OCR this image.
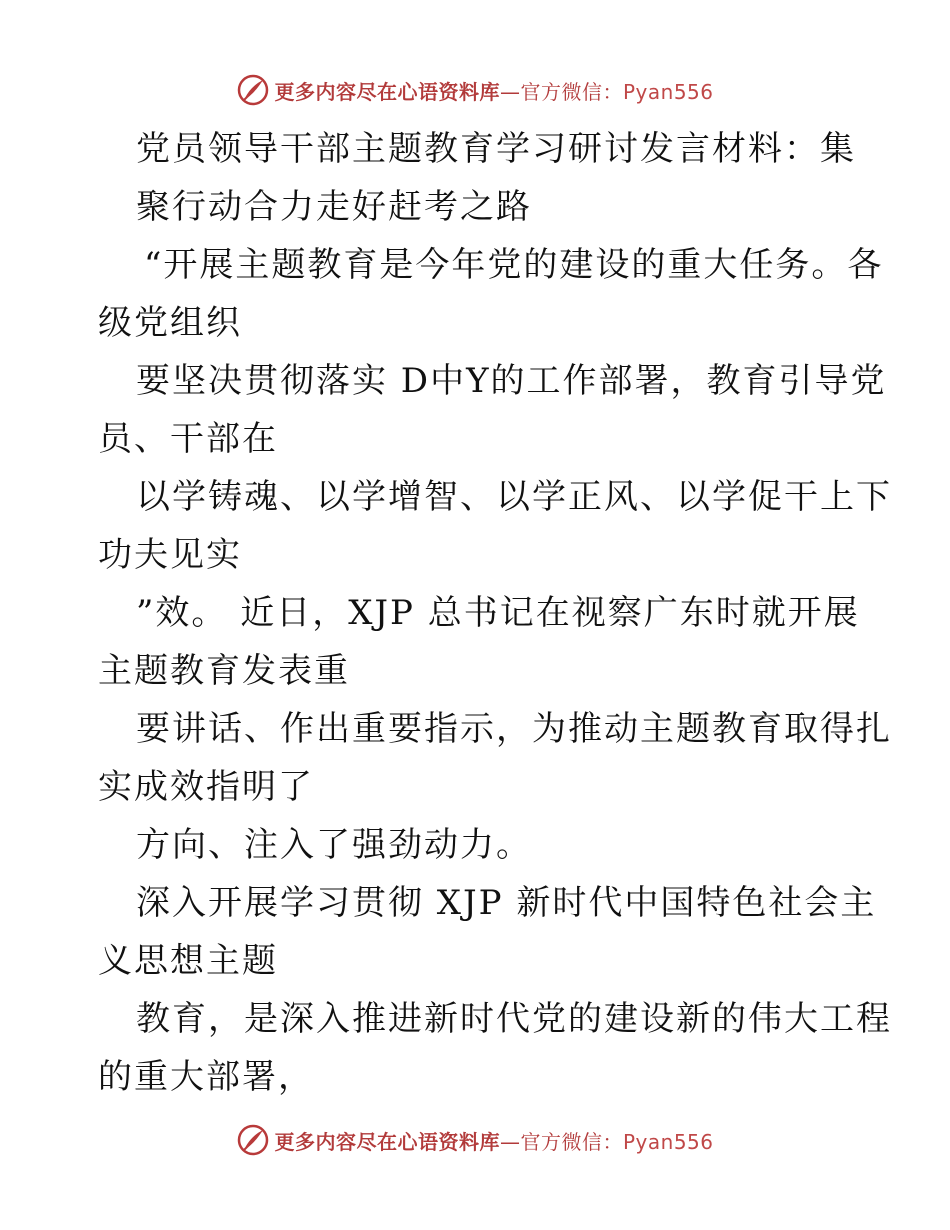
更多内容尽在心语资料库—官方微信：Pyan556
党员领导干部主题教育学习研讨发言材料：集
聚行动合力走好赶考之路
“开展主题教育是今年党的建设的重大任务。各
级党组织
要坚决贯彻落实 D中Y的工作部署，教育引导党
员、干部在
以学铸魂、以学增智、以学正风、以学促干上下
功夫见实
”效。 近日，XJP 总书记在视察广东时就开展
主题教育发表重
要讲话、作出重要指示，为推动主题教育取得扎
实成效指明了
方向、注入了强劲动力。
深入开展学习贯彻 XJP 新时代中国特色社会主
义思想主题
教育，是深入推进新时代党的建设新的伟大工程
的重大部署，
更多内容尽在心语资料库—官方微信：Pyan556
